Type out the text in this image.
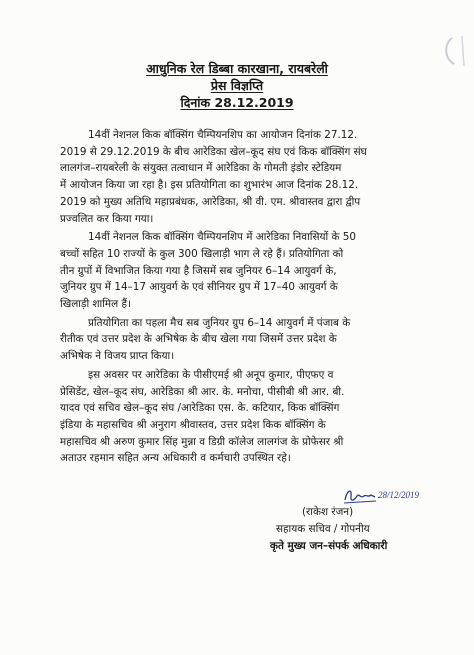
आधुनिक रेल डिब्बा कारखाना, रायबरेली
प्रेस विज्ञप्ति
दिनांक 28.12.2019
14वीं नेशनल किक बॉक्सिंग चैम्पियनशिप का आयोजन दिनांक 27.12.
2019 से 29.12.2019 के बीच आरेडिका खेल–कूद संघ एवं किक बॉक्सिंग संघ
लालगंज–रायबरेली के संयुक्त तत्वाधान में आरेडिका के गोमती इंडोर स्टेडियम
में आयोजन किया जा रहा है। इस प्रतियोगिता का शुभारंभ आज दिनांक 28.12.
2019 को मुख्य अतिथि महाप्रबंधक, आरेडिका, श्री वी. एम. श्रीवास्तव द्वारा द्वीप
प्रज्वलित कर किया गया।
14वीं नेशनल किक बॉक्सिंग चैम्पियनशिप में आरेडिका निवासियों के 50
बच्चों सहित 10 राज्यों के कुल 300 खिलाड़ी भाग ले रहे हैं। प्रतियोगिता को
तीन ग्रुपों में विभाजित किया गया है जिसमें सब जुनियर 6–14 आयुवर्ग के,
जुनियर ग्रुप में 14–17 आयुवर्ग के एवं सीनियर ग्रुप में 17–40 आयुवर्ग के
खिलाड़ी शामिल हैं।
प्रतियोगिता का पहला मैच सब जुनियर ग्रुप 6–14 आयुवर्ग में पंजाब के
रीतीक एवं उत्तर प्रदेश के अभिषेक के बीच खेला गया जिसमें उत्तर प्रदेश के
अभिषेक ने विजय प्राप्त किया।
इस अवसर पर आरेडिका के पीसीएमई श्री अनूप कुमार, पीएफए व
प्रेसिडेंट, खेल–कूद संघ, आरेडिका श्री आर. के. मनोचा, पीसीबी श्री आर. बी.
यादव एवं सचिव खेल–कूद संघ /आरेडिका एस. के. कटियार, किक बॉक्सिंग
इंडिया के महासचिव श्री अनुराग श्रीवास्तव, उत्तर प्रदेश किक बॉक्सिंग के
महासचिव श्री अरुण कुमार सिंह मुन्ना व डिग्री कॉलेज लालगंज के प्रोफेसर श्री
अताउर रहमान सहित अन्य अधिकारी व कर्मचारी उपस्थित रहे।
28/12/2019
(राकेश रंजन)
सहायक सचिव / गोपनीय
कृते मुख्य जन–संपर्क अधिकारी
